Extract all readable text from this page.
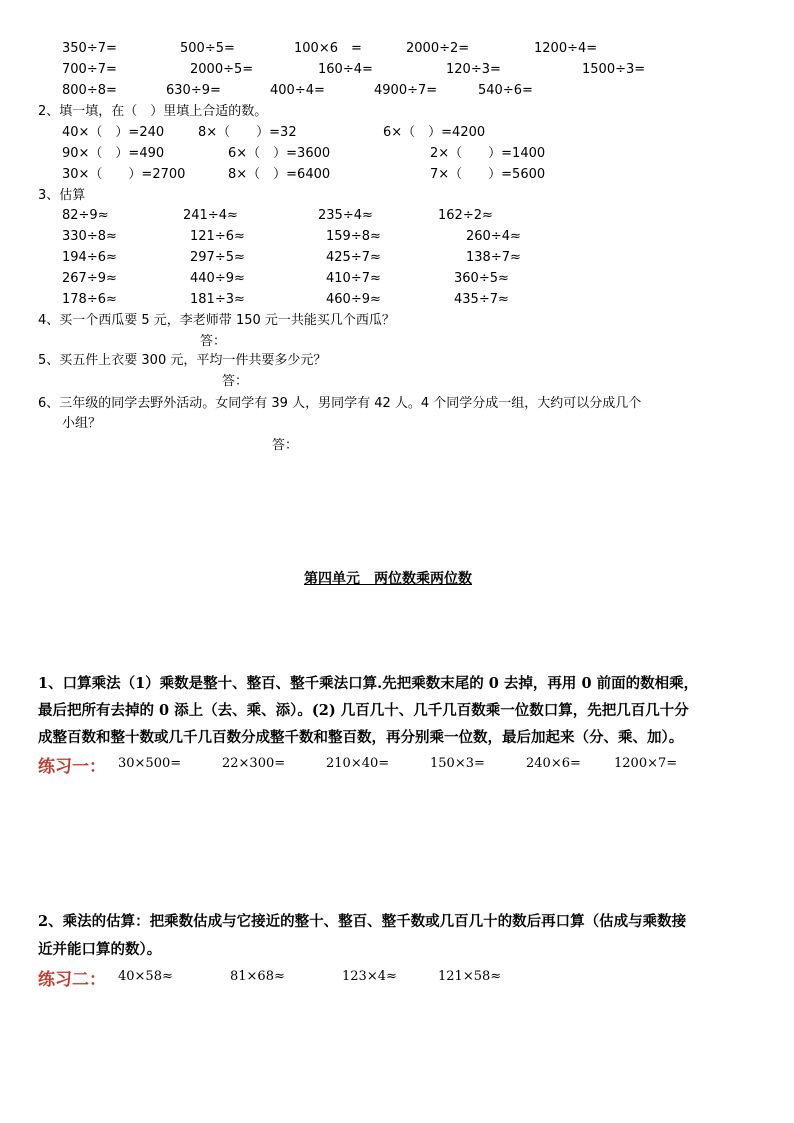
350÷7=	500÷5=	100×6　=	2000÷2=	1200÷4=
700÷7=	2000÷5=	160÷4=	120÷3=	1500÷3=
800÷8=	630÷9=	400÷4=	4900÷7=	540÷6=
2、填一填，在（　）里填上合适的数。
40×（　）=240	8×（　　）=32	6×（　）=4200
90×（　）=490	6×（　）=3600	2×（　　）=1400
30×（　　）=2700	8×（　）=6400	7×（　　）=5600
3、估算
82÷9≈	241÷4≈	235÷4≈	162÷2≈
330÷8≈	121÷6≈	159÷8≈	260÷4≈
194÷6≈	297÷5≈	425÷7≈	138÷7≈
267÷9≈	440÷9≈	410÷7≈	360÷5≈
178÷6≈	181÷3≈	460÷9≈	435÷7≈
4、买一个西瓜要 5 元，李老师带 150 元一共能买几个西瓜？
答：
5、买五件上衣要 300 元，平均一件共要多少元？
答：
6、三年级的同学去野外活动。女同学有 39 人，男同学有 42 人。4 个同学分成一组，大约可以分成几个
小组？
答：
第四单元　两位数乘两位数
1、口算乘法（1）乘数是整十、整百、整千乘法口算.先把乘数末尾的 0 去掉，再用 0 前面的数相乘，
最后把所有去掉的 0 添上（去、乘、添）。(2) 几百几十、几千几百数乘一位数口算，先把几百几十分
成整百数和整十数或几千几百数分成整千数和整百数，再分别乘一位数，最后加起来（分、乘、加）。
练习一： 30×500=	22×300=	210×40=	150×3=	240×6=	1200×7=
2、乘法的估算：把乘数估成与它接近的整十、整百、整千数或几百几十的数后再口算（估成与乘数接
近并能口算的数）。
练习二： 40×58≈	81×68≈	123×4≈	121×58≈
